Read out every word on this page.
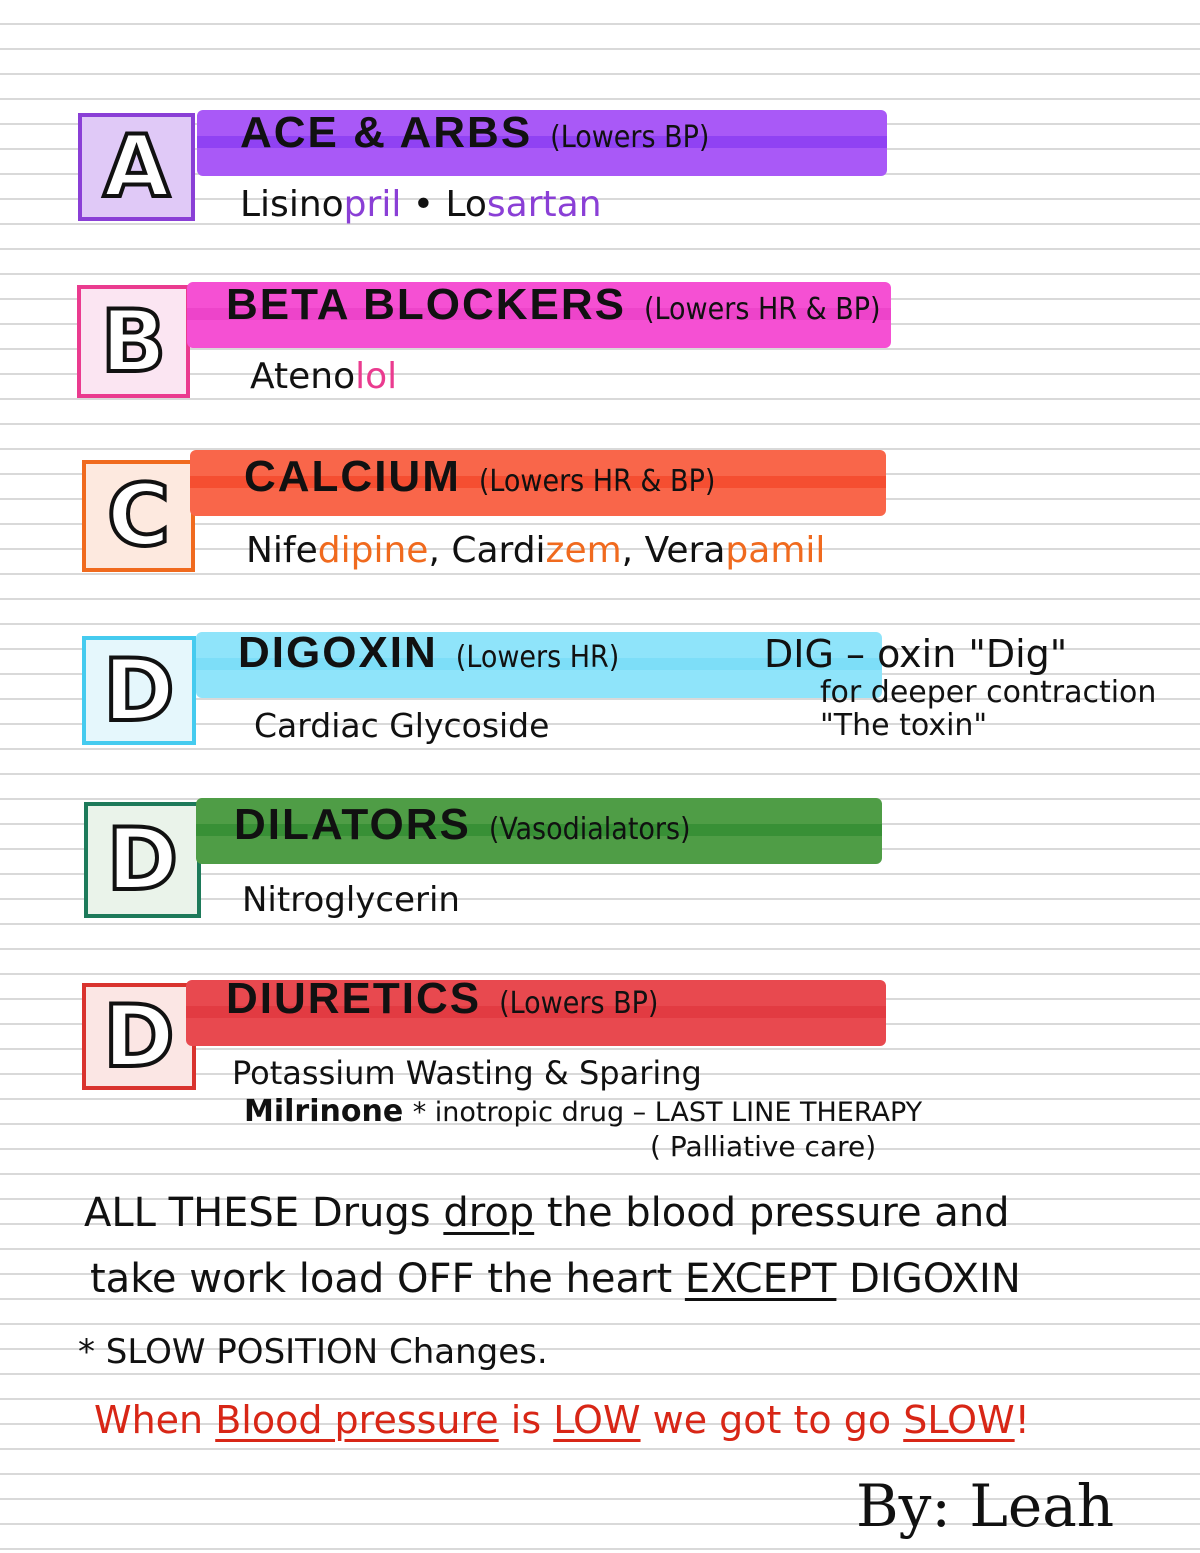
A ACE & ARBS (Lowers BP)
Lisinopril • Losartan
B BETA BLOCKERS (Lowers HR & BP)
Atenolol
C CALCIUM (Lowers HR & BP)
Nifedipine, Cardizem, Verapamil
D DIGOXIN (Lowers HR)
Cardiac Glycoside
DIG – oxin "Dig"
for deeper contraction
"The toxin"
D DILATORS (Vasodialators)
Nitroglycerin
D DIURETICS (Lowers BP)
Potassium Wasting & Sparing
Milrinone * inotropic drug – LAST LINE THERAPY
( Palliative care)
ALL THESE Drugs drop the blood pressure and
take work load OFF the heart EXCEPT DIGOXIN
* SLOW POSITION Changes.
When Blood pressure is LOW we got to go SLOW!
By: Leah
